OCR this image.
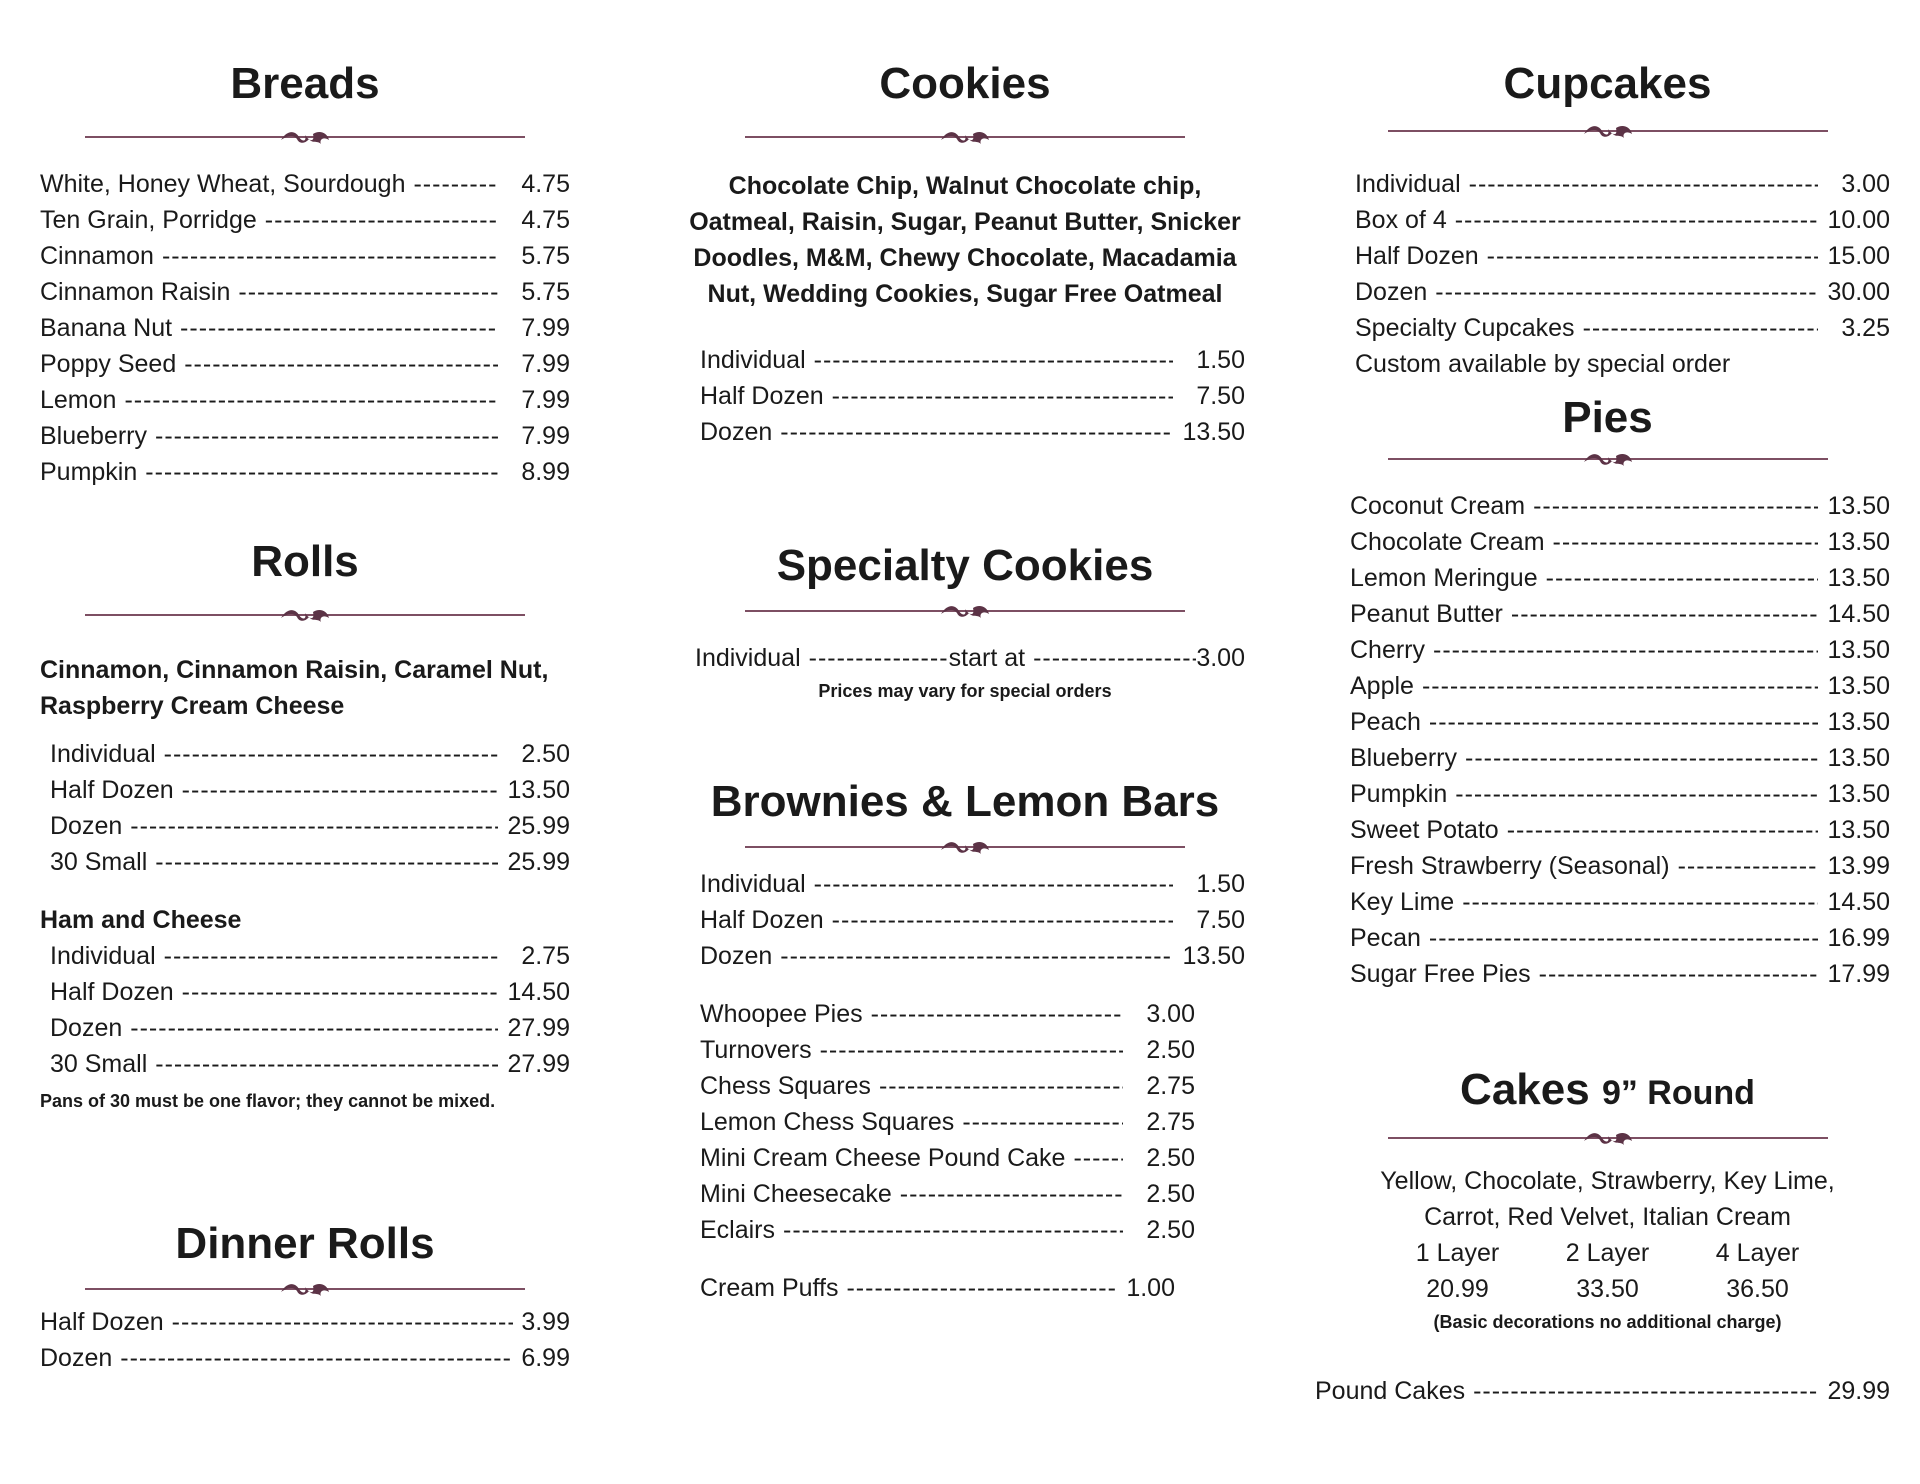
Breads
White, Honey Wheat, Sourdough -----	4.75
Ten Grain, Porridge -----	4.75
Cinnamon -----	5.75
Cinnamon Raisin -----	5.75
Banana Nut -----	7.99
Poppy Seed -----	7.99
Lemon -----	7.99
Blueberry -----	7.99
Pumpkin -----	8.99
Rolls
Cinnamon, Cinnamon Raisin, Caramel Nut, Raspberry Cream Cheese
Individual -----	2.50
Half Dozen -----	13.50
Dozen -----	25.99
30 Small -----	25.99
Ham and Cheese
Individual -----	2.75
Half Dozen -----	14.50
Dozen -----	27.99
30 Small -----	27.99
Pans of 30 must be one flavor; they cannot be mixed.
Dinner Rolls
Half Dozen -----	3.99
Dozen -----	6.99
Cookies
Chocolate Chip, Walnut Chocolate chip, Oatmeal, Raisin, Sugar, Peanut Butter, Snicker Doodles, M&M, Chewy Chocolate, Macadamia Nut, Wedding Cookies, Sugar Free Oatmeal
Individual -----	1.50
Half Dozen -----	7.50
Dozen -----	13.50
Specialty Cookies
Individual -----	start at -----	3.00
Prices may vary for special orders
Brownies & Lemon Bars
Individual -----	1.50
Half Dozen -----	7.50
Dozen -----	13.50
Whoopee Pies -----	3.00
Turnovers -----	2.50
Chess Squares -----	2.75
Lemon Chess Squares -----	2.75
Mini Cream Cheese Pound Cake -----	2.50
Mini Cheesecake -----	2.50
Eclairs -----	2.50
Cream Puffs -----	1.00
Cupcakes
Individual -----	3.00
Box of 4 -----	10.00
Half Dozen -----	15.00
Dozen -----	30.00
Specialty Cupcakes -----	3.25
Custom available by special order
Pies
Coconut Cream -----	13.50
Chocolate Cream -----	13.50
Lemon Meringue -----	13.50
Peanut Butter -----	14.50
Cherry -----	13.50
Apple -----	13.50
Peach -----	13.50
Blueberry -----	13.50
Pumpkin -----	13.50
Sweet Potato -----	13.50
Fresh Strawberry (Seasonal) -----	13.99
Key Lime -----	14.50
Pecan -----	16.99
Sugar Free Pies -----	17.99
Cakes 9” Round
Yellow, Chocolate, Strawberry, Key Lime, Carrot, Red Velvet, Italian Cream
1 Layer	2 Layer	4 Layer
20.99	33.50	36.50
(Basic decorations no additional charge)
Pound Cakes -----	29.99
